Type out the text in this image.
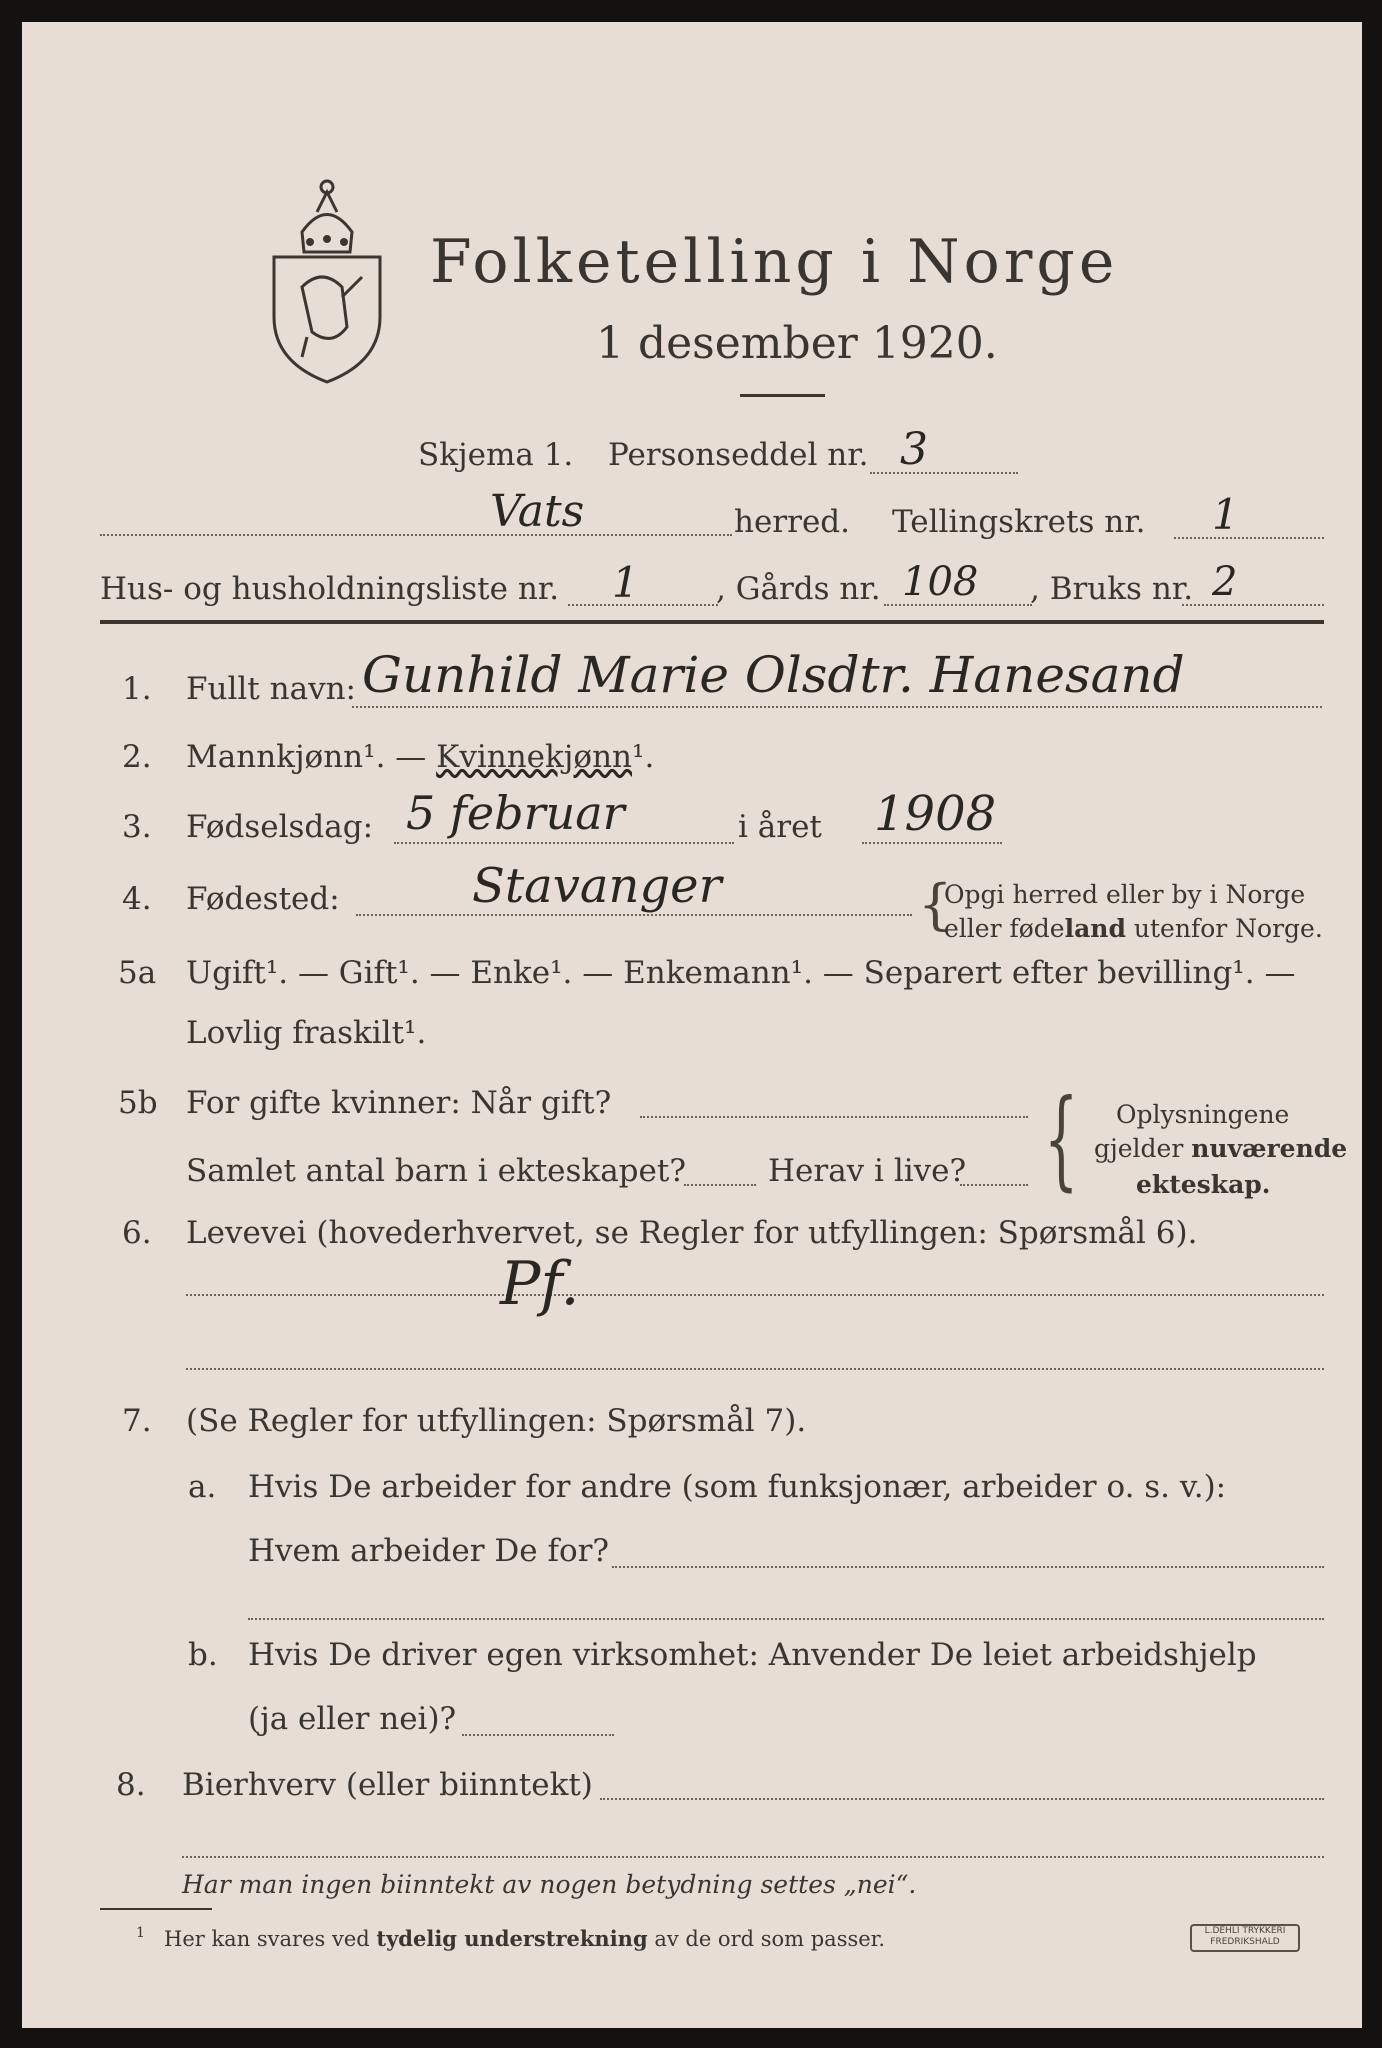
Folketelling i Norge
1 desember 1920.
Skjema 1. Personseddel nr. 3
Vats	herred. Tellingskrets nr. 1
Hus- og husholdningsliste nr. 1 , Gårds nr. 108 , Bruks nr. 2
1. Fullt navn: Gunhild Marie Olsdtr. Hanesand
2. Mannkjønn¹. — Kvinnekjønn¹.
3. Fødselsdag: 5 februar	i året 1908
4. Fødested:	Stavanger	{
Opgi herred eller by i Norge
eller fødeland utenfor Norge.
5a Ugift¹. — Gift¹. — Enke¹. — Enkemann¹. — Separert efter bevilling¹. —
Lovlig fraskilt¹.
5b For gifte kvinner: Når gift?
Samlet antal barn i ekteskapet?	Herav i live? { Oplysningene
gjelder nuværende
ekteskap.
6. Levevei (hovederhvervet, se Regler for utfyllingen: Spørsmål 6).
Pf.
7. (Se Regler for utfyllingen: Spørsmål 7).
a. Hvis De arbeider for andre (som funksjonær, arbeider o. s. v.):
Hvem arbeider De for?
b. Hvis De driver egen virksomhet: Anvender De leiet arbeidshjelp
(ja eller nei)?
8. Bierhverv (eller biinntekt)
Har man ingen biinntekt av nogen betydning settes „nei“.
1 Her kan svares ved tydelig understrekning av de ord som passer.	L.DEHLI TRYKKERI
FREDRIKSHALD
